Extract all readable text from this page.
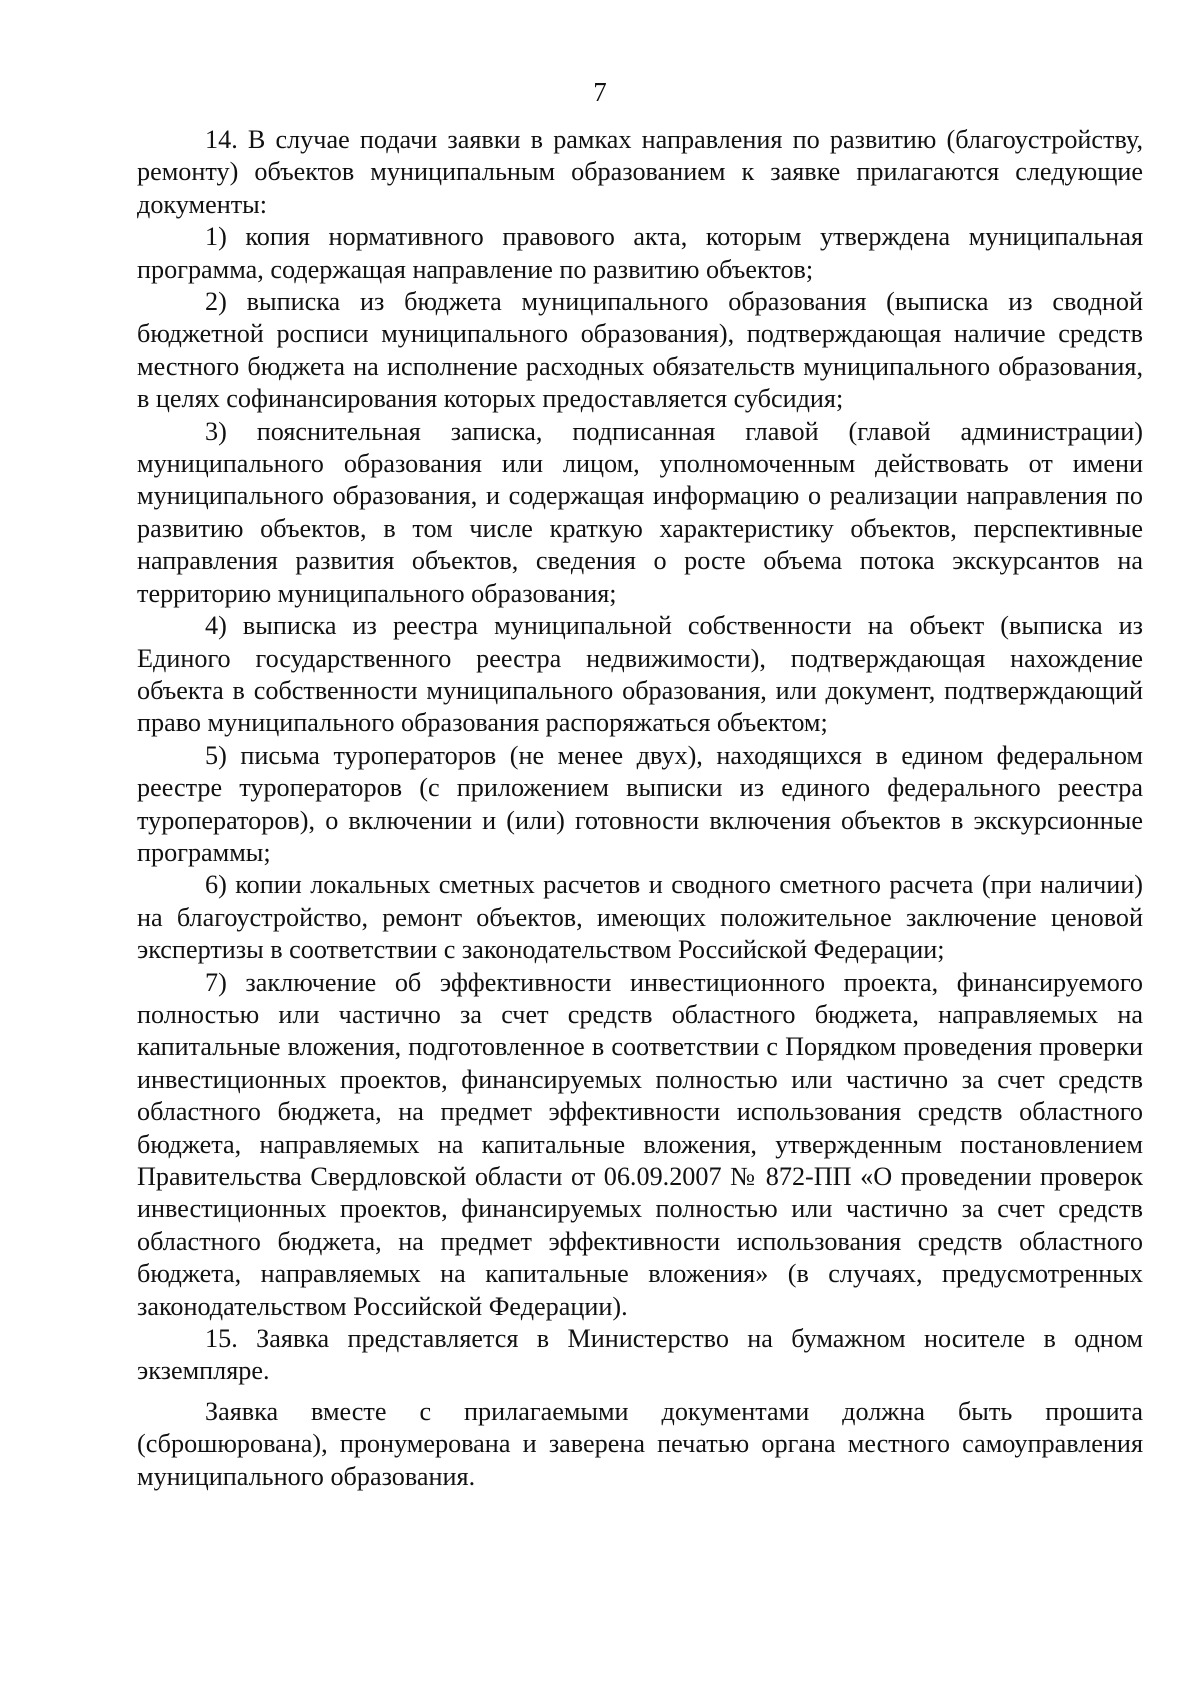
7

14. В случае подачи заявки в рамках направления по развитию (благоустройству, ремонту) объектов муниципальным образованием к заявке прилагаются следующие документы:

1) копия нормативного правового акта, которым утверждена муниципальная программа, содержащая направление по развитию объектов;

2) выписка из бюджета муниципального образования (выписка из сводной бюджетной росписи муниципального образования), подтверждающая наличие средств местного бюджета на исполнение расходных обязательств муниципального образования, в целях софинансирования которых предоставляется субсидия;

3) пояснительная записка, подписанная главой (главой администрации) муниципального образования или лицом, уполномоченным действовать от имени муниципального образования, и содержащая информацию о реализации направления по развитию объектов, в том числе краткую характеристику объектов, перспективные направления развития объектов, сведения о росте объема потока экскурсантов на территорию муниципального образования;

4) выписка из реестра муниципальной собственности на объект (выписка из Единого государственного реестра недвижимости), подтверждающая нахождение объекта в собственности муниципального образования, или документ, подтверждающий право муниципального образования распоряжаться объектом;

5) письма туроператоров (не менее двух), находящихся в едином федеральном реестре туроператоров (с приложением выписки из единого федерального реестра туроператоров), о включении и (или) готовности включения объектов в экскурсионные программы;

6) копии локальных сметных расчетов и сводного сметного расчета (при наличии) на благоустройство, ремонт объектов, имеющих положительное заключение ценовой экспертизы в соответствии с законодательством Российской Федерации;

7) заключение об эффективности инвестиционного проекта, финансируемого полностью или частично за счет средств областного бюджета, направляемых на капитальные вложения, подготовленное в соответствии с Порядком проведения проверки инвестиционных проектов, финансируемых полностью или частично за счет средств областного бюджета, на предмет эффективности использования средств областного бюджета, направляемых на капитальные вложения, утвержденным постановлением Правительства Свердловской области от 06.09.2007 № 872-ПП «О проведении проверок инвестиционных проектов, финансируемых полностью или частично за счет средств областного бюджета, на предмет эффективности использования средств областного бюджета, направляемых на капитальные вложения» (в случаях, предусмотренных законодательством Российской Федерации).

15. Заявка представляется в Министерство на бумажном носителе в одном экземпляре.

Заявка вместе с прилагаемыми документами должна быть прошита (сброшюрована), пронумерована и заверена печатью органа местного самоуправления муниципального образования.
